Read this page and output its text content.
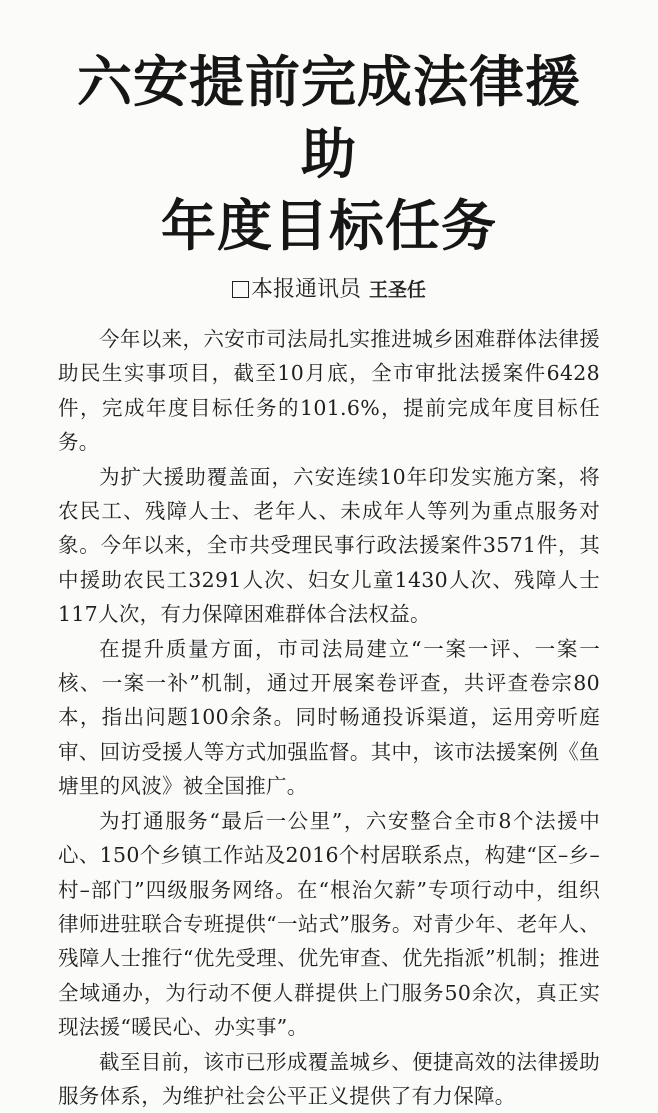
六安提前完成法律援助
年度目标任务
本报通讯员 王圣任

今年以来，六安市司法局扎实推进城乡困难群体法律援助民生实事项目，截至10月底，全市审批法援案件6428件，完成年度目标任务的101.6%，提前完成年度目标任务。

为扩大援助覆盖面，六安连续10年印发实施方案，将农民工、残障人士、老年人、未成年人等列为重点服务对象。今年以来，全市共受理民事行政法援案件3571件，其中援助农民工3291人次、妇女儿童1430人次、残障人士117人次，有力保障困难群体合法权益。

在提升质量方面，市司法局建立“一案一评、一案一核、一案一补”机制，通过开展案卷评查，共评查卷宗80本，指出问题100余条。同时畅通投诉渠道，运用旁听庭审、回访受援人等方式加强监督。其中，该市法援案例《鱼塘里的风波》被全国推广。

为打通服务“最后一公里”，六安整合全市8个法援中心、150个乡镇工作站及2016个村居联系点，构建“区–乡–村–部门”四级服务网络。在“根治欠薪”专项行动中，组织律师进驻联合专班提供“一站式”服务。对青少年、老年人、残障人士推行“优先受理、优先审查、优先指派”机制；推进全域通办，为行动不便人群提供上门服务50余次，真正实现法援“暖民心、办实事”。

截至目前，该市已形成覆盖城乡、便捷高效的法律援助服务体系，为维护社会公平正义提供了有力保障。
